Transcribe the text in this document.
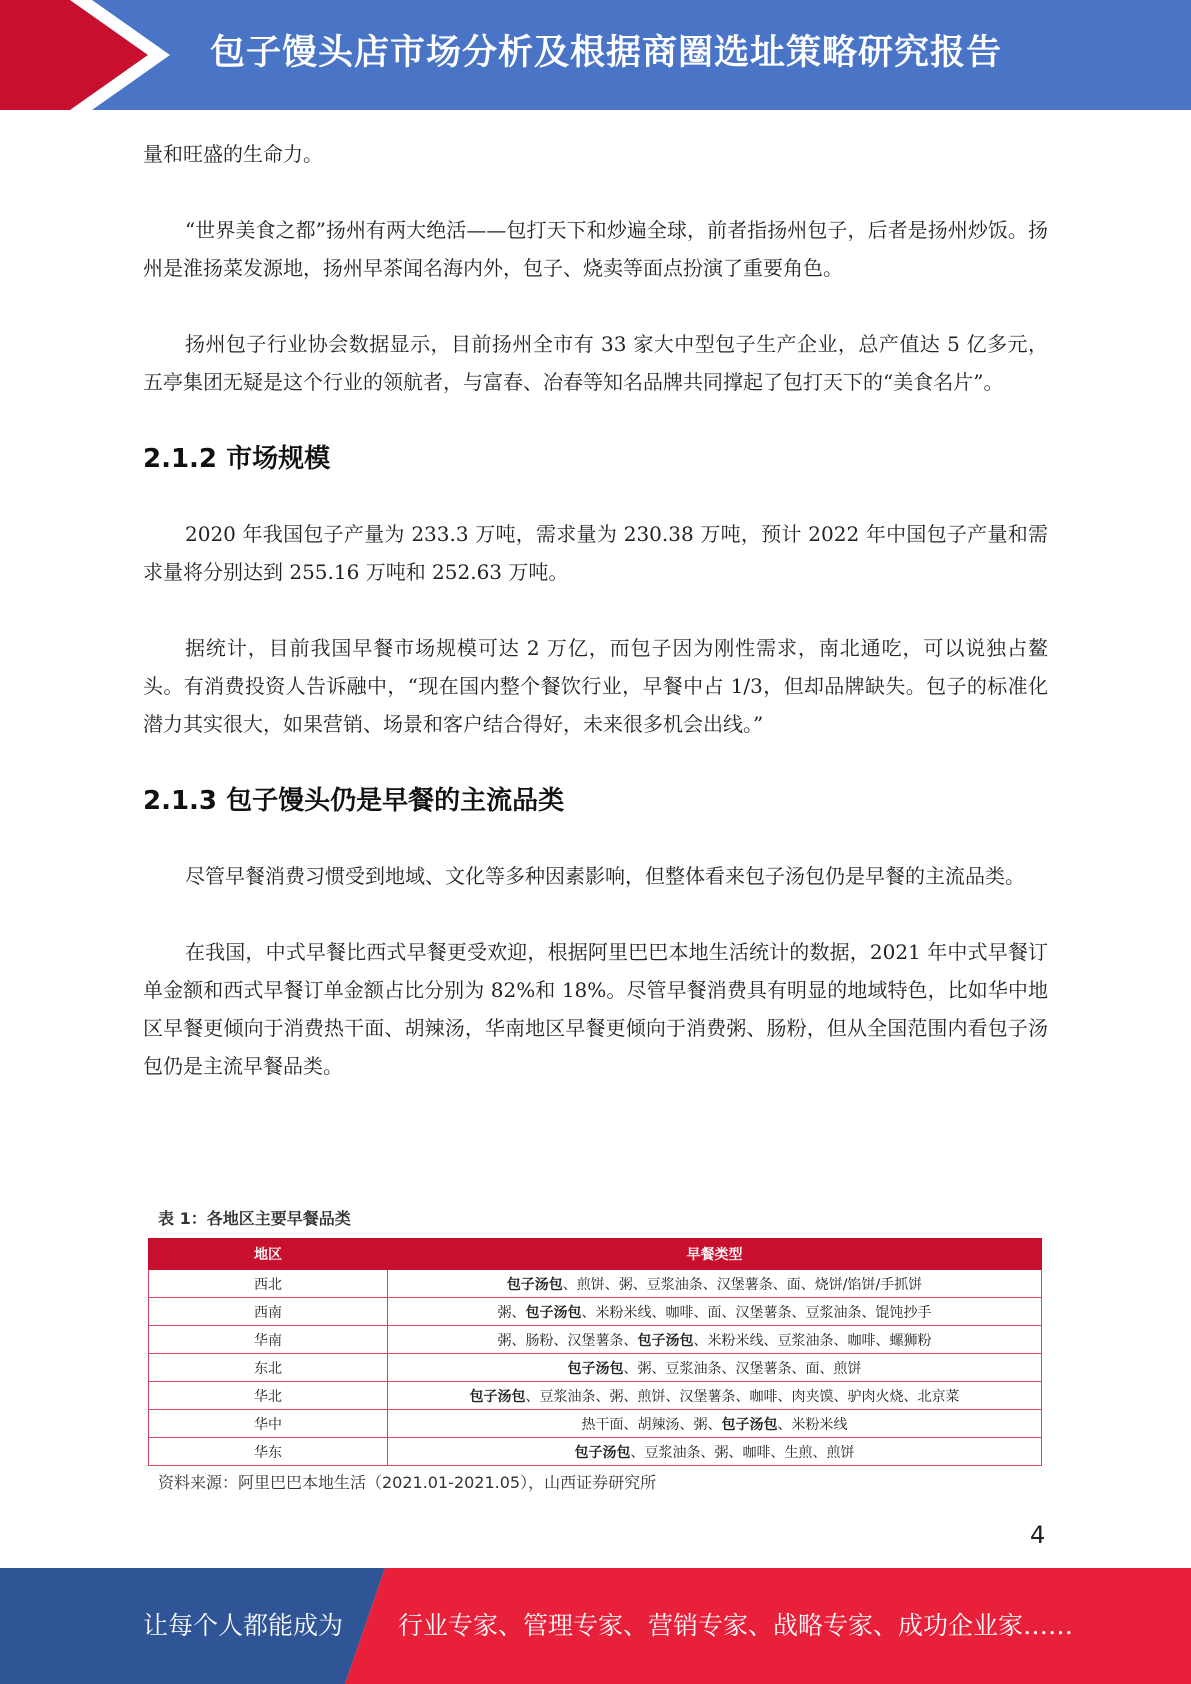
包子馒头店市场分析及根据商圈选址策略研究报告

量和旺盛的生命力。

“世界美食之都”扬州有两大绝活——包打天下和炒遍全球，前者指扬州包子，后者是扬州炒饭。扬州是淮扬菜发源地，扬州早茶闻名海内外，包子、烧卖等面点扮演了重要角色。

扬州包子行业协会数据显示，目前扬州全市有 33 家大中型包子生产企业，总产值达 5 亿多元，五亭集团无疑是这个行业的领航者，与富春、冶春等知名品牌共同撑起了包打天下的“美食名片”。

2.1.2 市场规模

2020 年我国包子产量为 233.3 万吨，需求量为 230.38 万吨，预计 2022 年中国包子产量和需求量将分别达到 255.16 万吨和 252.63 万吨。

据统计，目前我国早餐市场规模可达 2 万亿，而包子因为刚性需求，南北通吃，可以说独占鳌头。有消费投资人告诉融中，“现在国内整个餐饮行业，早餐中占 1/3，但却品牌缺失。包子的标准化潜力其实很大，如果营销、场景和客户结合得好，未来很多机会出线。”

2.1.3 包子馒头仍是早餐的主流品类

尽管早餐消费习惯受到地域、文化等多种因素影响，但整体看来包子汤包仍是早餐的主流品类。

在我国，中式早餐比西式早餐更受欢迎，根据阿里巴巴本地生活统计的数据，2021 年中式早餐订单金额和西式早餐订单金额占比分别为 82%和 18%。尽管早餐消费具有明显的地域特色，比如华中地区早餐更倾向于消费热干面、胡辣汤，华南地区早餐更倾向于消费粥、肠粉，但从全国范围内看包子汤包仍是主流早餐品类。

表 1：各地区主要早餐品类
地区	早餐类型
西北	包子汤包、煎饼、粥、豆浆油条、汉堡薯条、面、烧饼/馅饼/手抓饼
西南	粥、包子汤包、米粉米线、咖啡、面、汉堡薯条、豆浆油条、馄饨抄手
华南	粥、肠粉、汉堡薯条、包子汤包、米粉米线、豆浆油条、咖啡、螺狮粉
东北	包子汤包、粥、豆浆油条、汉堡薯条、面、煎饼
华北	包子汤包、豆浆油条、粥、煎饼、汉堡薯条、咖啡、肉夹馍、驴肉火烧、北京菜
华中	热干面、胡辣汤、粥、包子汤包、米粉米线
华东	包子汤包、豆浆油条、粥、咖啡、生煎、煎饼
资料来源：阿里巴巴本地生活（2021.01-2021.05），山西证券研究所
4
让每个人都能成为 行业专家、管理专家、营销专家、战略专家、成功企业家……
